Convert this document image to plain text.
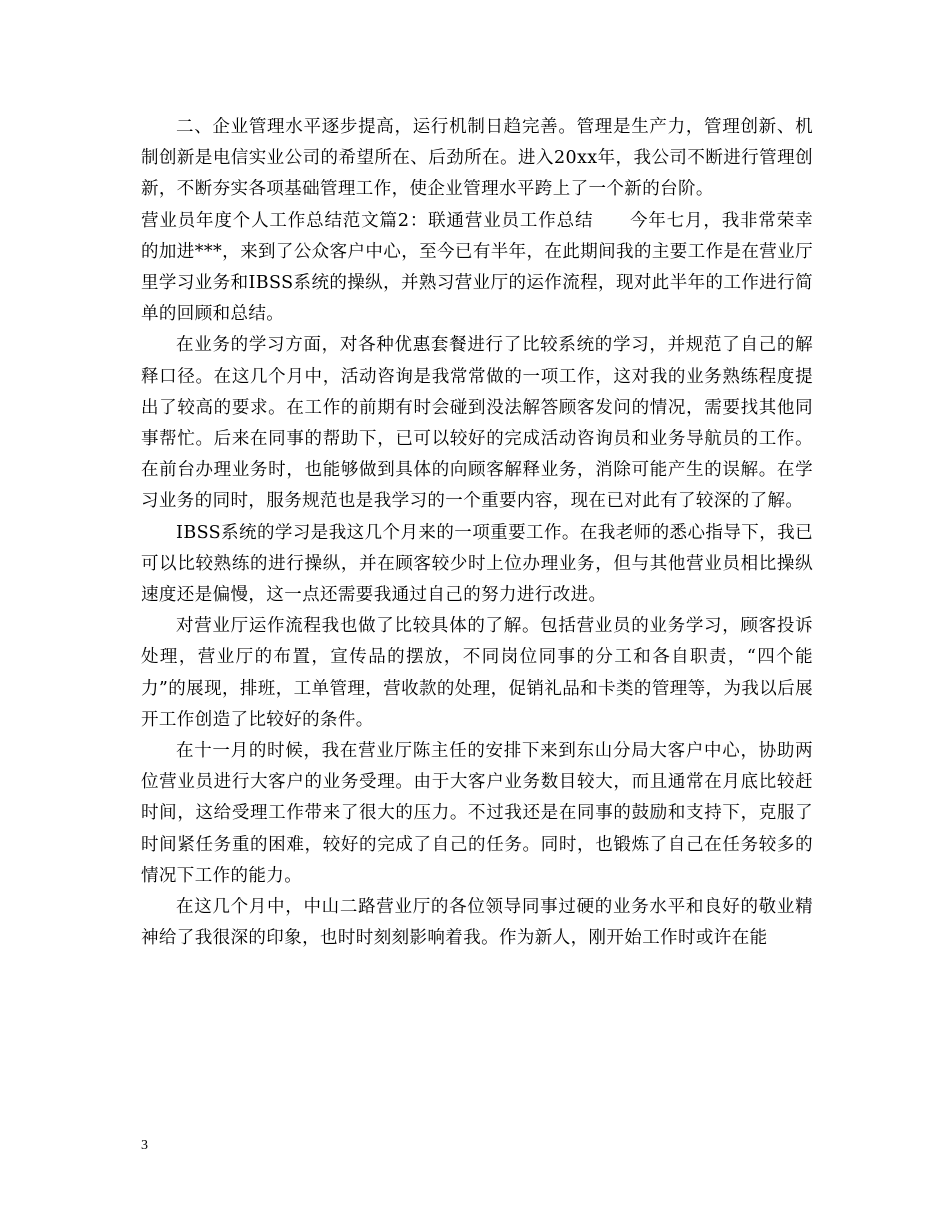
二、企业管理水平逐步提高，运行机制日趋完善。管理是生产力，管理创新、机制创新是电信实业公司的希望所在、后劲所在。进入20xx年，我公司不断进行管理创新，不断夯实各项基础管理工作，使企业管理水平跨上了一个新的台阶。

营业员年度个人工作总结范文篇2：联通营业员工作总结　　今年七月，我非常荣幸的加进***，来到了公众客户中心，至今已有半年，在此期间我的主要工作是在营业厅里学习业务和IBSS系统的操纵，并熟习营业厅的运作流程，现对此半年的工作进行简单的回顾和总结。

在业务的学习方面，对各种优惠套餐进行了比较系统的学习，并规范了自己的解释口径。在这几个月中，活动咨询是我常常做的一项工作，这对我的业务熟练程度提出了较高的要求。在工作的前期有时会碰到没法解答顾客发问的情况，需要找其他同事帮忙。后来在同事的帮助下，已可以较好的完成活动咨询员和业务导航员的工作。在前台办理业务时，也能够做到具体的向顾客解释业务，消除可能产生的误解。在学习业务的同时，服务规范也是我学习的一个重要内容，现在已对此有了较深的了解。

IBSS系统的学习是我这几个月来的一项重要工作。在我老师的悉心指导下，我已可以比较熟练的进行操纵，并在顾客较少时上位办理业务，但与其他营业员相比操纵速度还是偏慢，这一点还需要我通过自己的努力进行改进。

对营业厅运作流程我也做了比较具体的了解。包括营业员的业务学习，顾客投诉处理，营业厅的布置，宣传品的摆放，不同岗位同事的分工和各自职责，“四个能力”的展现，排班，工单管理，营收款的处理，促销礼品和卡类的管理等，为我以后展开工作创造了比较好的条件。

在十一月的时候，我在营业厅陈主任的安排下来到东山分局大客户中心，协助两位营业员进行大客户的业务受理。由于大客户业务数目较大，而且通常在月底比较赶时间，这给受理工作带来了很大的压力。不过我还是在同事的鼓励和支持下，克服了时间紧任务重的困难，较好的完成了自己的任务。同时，也锻炼了自己在任务较多的情况下工作的能力。

在这几个月中，中山二路营业厅的各位领导同事过硬的业务水平和良好的敬业精神给了我很深的印象，也时时刻刻影响着我。作为新人，刚开始工作时或许在能

3
